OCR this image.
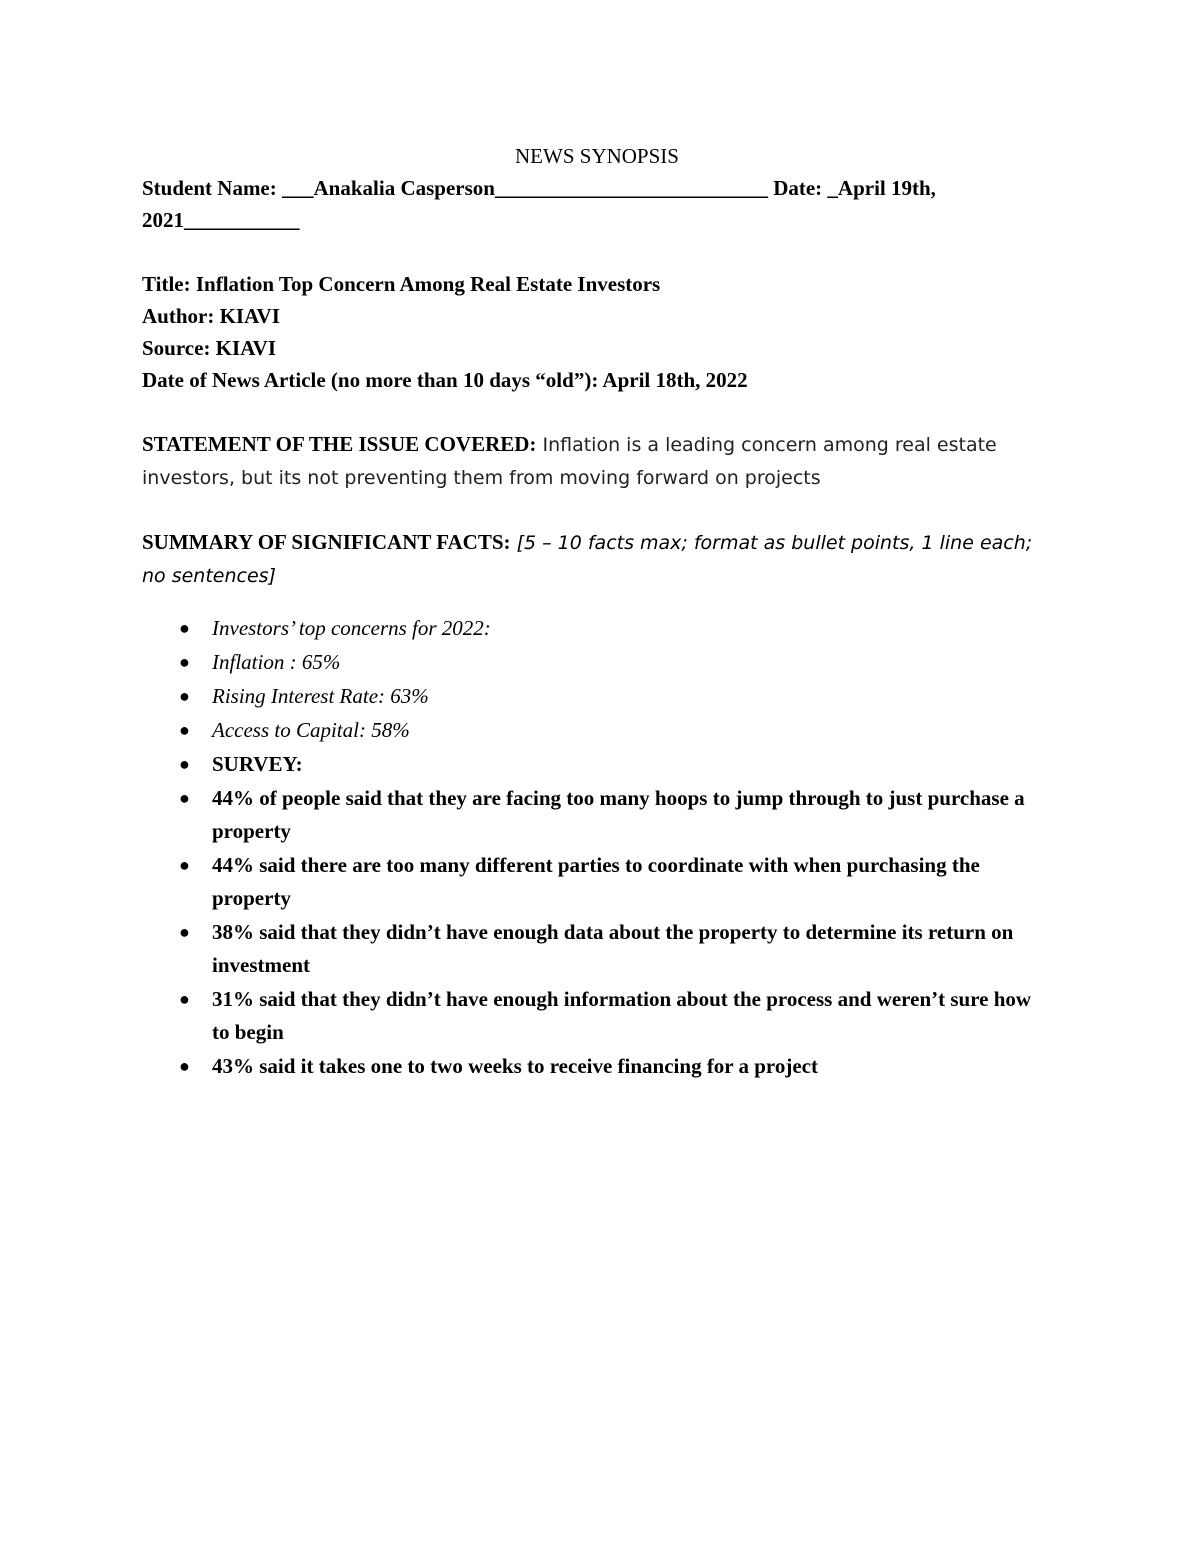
NEWS SYNOPSIS

Student Name: ___Anakalia Casperson__________________________ Date: _April 19th,

2021___________

Title: Inflation Top Concern Among Real Estate Investors

Author: KIAVI

Source: KIAVI

Date of News Article (no more than 10 days “old”): April 18th, 2022

STATEMENT OF THE ISSUE COVERED: Inflation is a leading concern among real estate investors, but its not preventing them from moving forward on projects

SUMMARY OF SIGNIFICANT FACTS: [5 – 10 facts max; format as bullet points, 1 line each; no sentences]

● Investors’ top concerns for 2022:
● Inflation : 65%
● Rising Interest Rate: 63%
● Access to Capital: 58%
● SURVEY:
● 44% of people said that they are facing too many hoops to jump through to just purchase a property
● 44% said there are too many different parties to coordinate with when purchasing the property
● 38% said that they didn’t have enough data about the property to determine its return on investment
● 31% said that they didn’t have enough information about the process and weren’t sure how to begin
● 43% said it takes one to two weeks to receive financing for a project
